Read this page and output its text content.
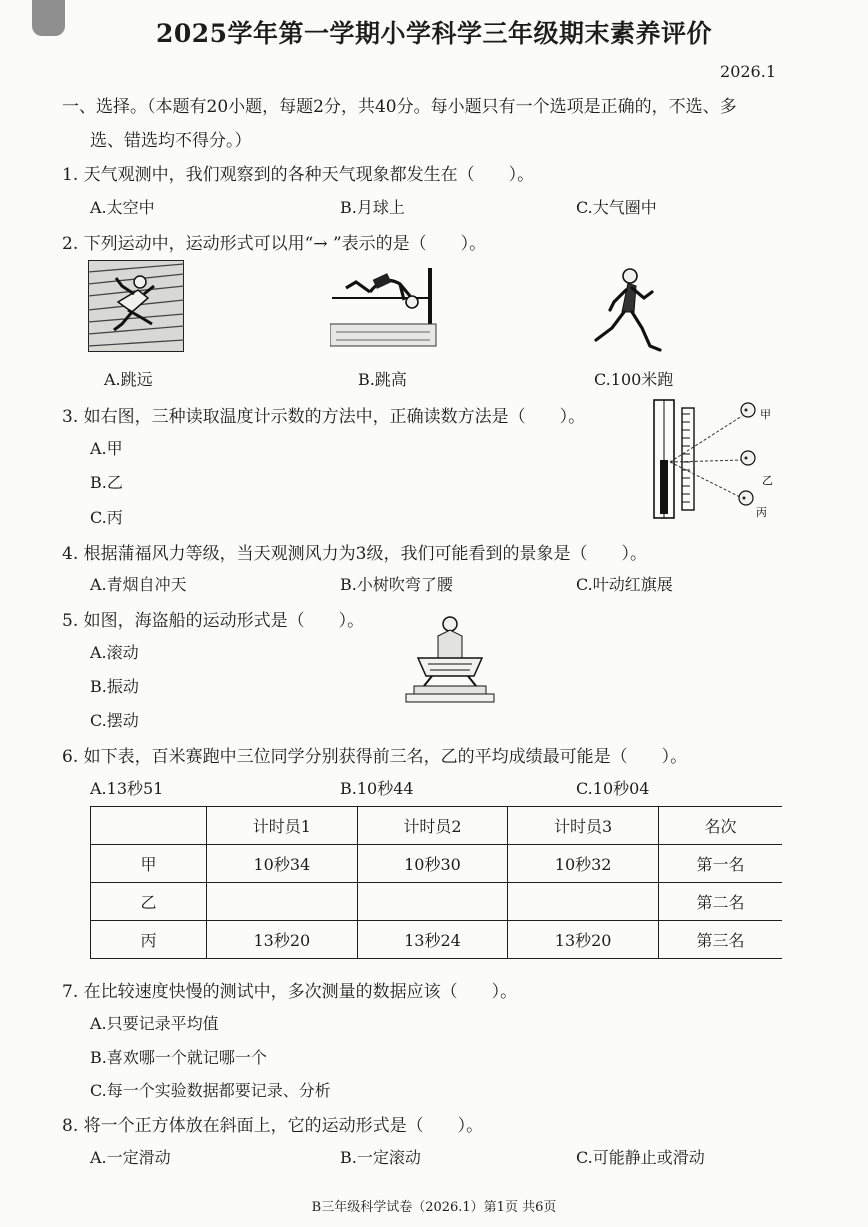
2025学年第一学期小学科学三年级期末素养评价
2026.1
一、选择。（本题有20小题，每题2分，共40分。每小题只有一个选项是正确的，不选、多
选、错选均不得分。）
1. 天气观测中，我们观察到的各种天气现象都发生在（　　）。
A.太空中	B.月球上	C.大气圈中
2. 下列运动中，运动形式可以用“→ ”表示的是（　　）。
A.跳远	B.跳高	C.100米跑
3. 如右图，三种读取温度计示数的方法中，正确读数方法是（　　）。
A.甲
B.乙
C.丙
甲
乙
丙
4. 根据蒲福风力等级，当天观测风力为3级，我们可能看到的景象是（　　）。
A.青烟自冲天	B.小树吹弯了腰	C.叶动红旗展
5. 如图，海盗船的运动形式是（　　）。
A.滚动
B.振动
C.摆动
6. 如下表，百米赛跑中三位同学分别获得前三名，乙的平均成绩最可能是（　　）。
A.13秒51	B.10秒44	C.10秒04
	计时员1	计时员2	计时员3	名次
甲	10秒34	10秒30	10秒32	第一名
乙				第二名
丙	13秒20	13秒24	13秒20	第三名
7. 在比较速度快慢的测试中，多次测量的数据应该（　　）。
A.只要记录平均值
B.喜欢哪一个就记哪一个
C.每一个实验数据都要记录、分析
8. 将一个正方体放在斜面上，它的运动形式是（　　）。
A.一定滑动	B.一定滚动	C.可能静止或滑动
B三年级科学试卷（2026.1）第1页 共6页
